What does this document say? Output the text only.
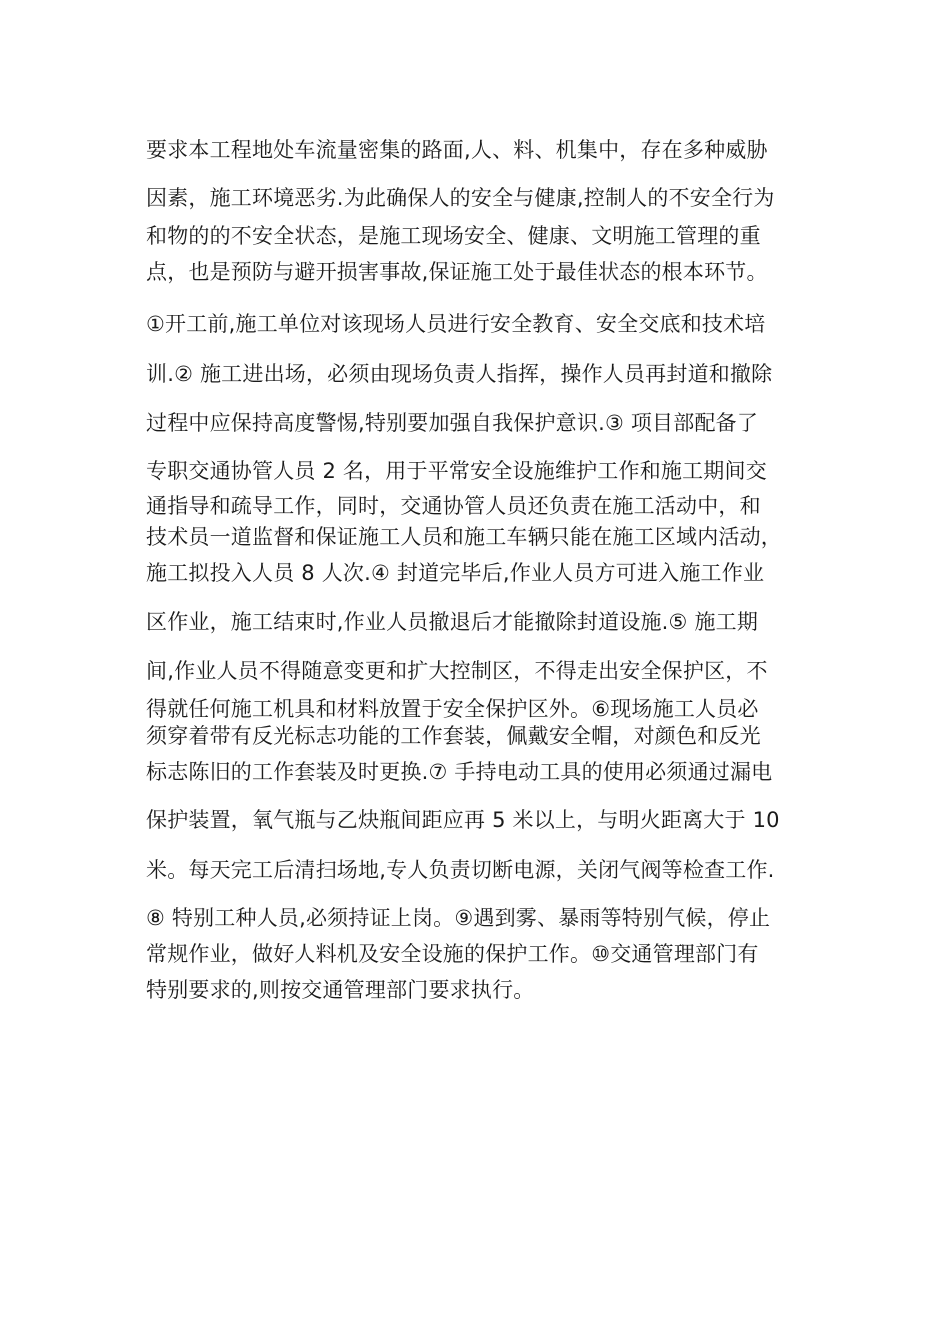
要求本工程地处车流量密集的路面,人、料、机集中，存在多种威胁

因素，施工环境恶劣.为此确保人的安全与健康,控制人的不安全行为

和物的的不安全状态，是施工现场安全、健康、文明施工管理的重

点，也是预防与避开损害事故,保证施工处于最佳状态的根本环节。

①开工前,施工单位对该现场人员进行安全教育、安全交底和技术培

训.② 施工进出场，必须由现场负责人指挥，操作人员再封道和撤除

过程中应保持高度警惕,特别要加强自我保护意识.③ 项目部配备了

专职交通协管人员 2 名，用于平常安全设施维护工作和施工期间交

通指导和疏导工作，同时，交通协管人员还负责在施工活动中，和

技术员一道监督和保证施工人员和施工车辆只能在施工区域内活动，

施工拟投入人员 8 人次.④ 封道完毕后,作业人员方可进入施工作业

区作业，施工结束时,作业人员撤退后才能撤除封道设施.⑤ 施工期

间,作业人员不得随意变更和扩大控制区，不得走出安全保护区，不

得就任何施工机具和材料放置于安全保护区外。⑥现场施工人员必

须穿着带有反光标志功能的工作套装，佩戴安全帽，对颜色和反光

标志陈旧的工作套装及时更换.⑦ 手持电动工具的使用必须通过漏电

保护装置，氧气瓶与乙炔瓶间距应再 5 米以上，与明火距离大于 10

米。每天完工后清扫场地,专人负责切断电源，关闭气阀等检查工作.

⑧ 特别工种人员,必须持证上岗。⑨遇到雾、暴雨等特别气候，停止

常规作业，做好人料机及安全设施的保护工作。⑩交通管理部门有

特别要求的,则按交通管理部门要求执行。
